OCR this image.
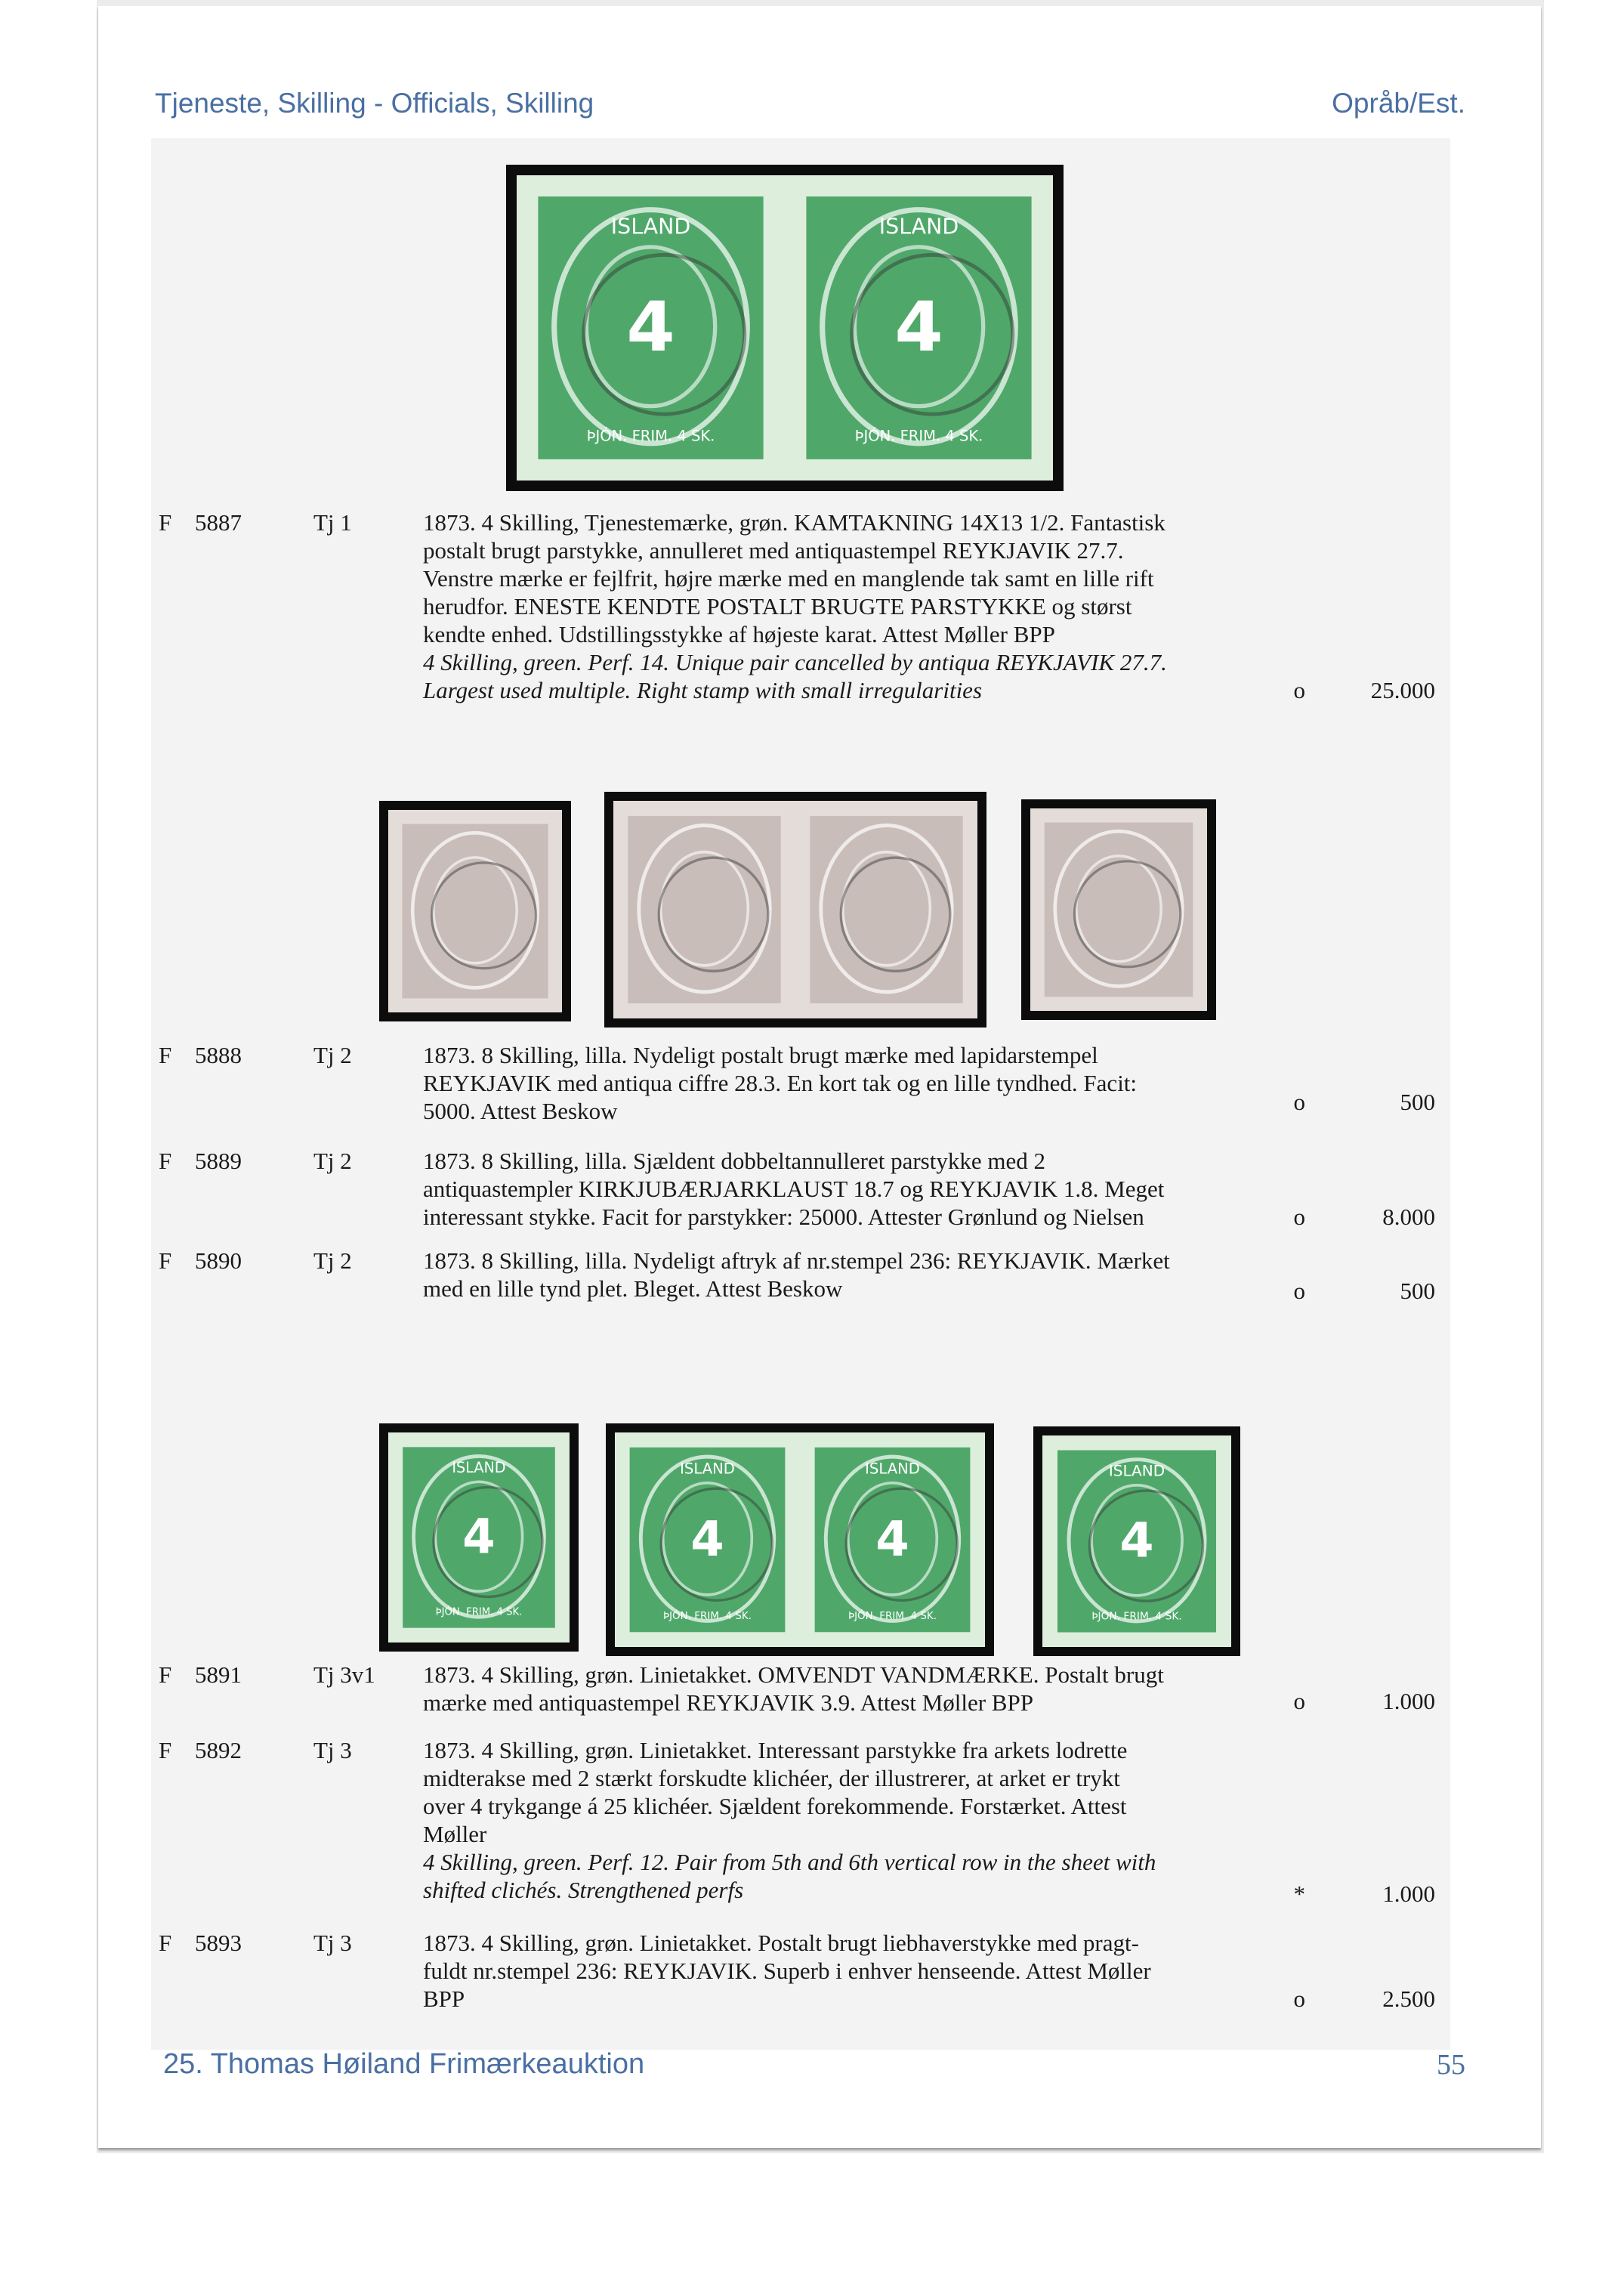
Tjeneste, Skilling - Officials, Skilling	Opråb/Est.
4
ISLAND
ÞJÓN. FRIM. 4 SK.
4
ISLAND
ÞJÓN. FRIM. 4 SK.
4
ISLAND
ÞJÓN. FRIM. 4 SK.
4
ISLAND
ÞJÓN. FRIM. 4 SK.
4
ISLAND
ÞJÓN. FRIM. 4 SK.
4
ISLAND
ÞJÓN. FRIM. 4 SK.
F 5887	Tj 1	1873. 4 Skilling, Tjenestemærke, grøn. KAMTAKNING 14X13 1/2. Fantastisk
postalt brugt parstykke, annulleret med antiquastempel REYKJAVIK 27.7.
Venstre mærke er fejlfrit, højre mærke med en manglende tak samt en lille rift
herudfor. ENESTE KENDTE POSTALT BRUGTE PARSTYKKE og størst
kendte enhed. Udstillingsstykke af højeste karat. Attest Møller BPP
4 Skilling, green. Perf. 14. Unique pair cancelled by antiqua REYKJAVIK 27.7.
Largest used multiple. Right stamp with small irregularities	o	25.000
F 5888	Tj 2	1873. 8 Skilling, lilla. Nydeligt postalt brugt mærke med lapidarstempel
REYKJAVIK med antiqua ciffre 28.3. En kort tak og en lille tyndhed. Facit:
5000. Attest Beskow	o	500
F 5889	Tj 2	1873. 8 Skilling, lilla. Sjældent dobbeltannulleret parstykke med 2
antiquastempler KIRKJUBÆRJARKLAUST 18.7 og REYKJAVIK 1.8. Meget
interessant stykke. Facit for parstykker: 25000. Attester Grønlund og Nielsen	o	8.000
F 5890	Tj 2	1873. 8 Skilling, lilla. Nydeligt aftryk af nr.stempel 236: REYKJAVIK. Mærket
med en lille tynd plet. Bleget. Attest Beskow	o	500
F 5891	Tj 3v1 1873. 4 Skilling, grøn. Linietakket. OMVENDT VANDMÆRKE. Postalt brugt
mærke med antiquastempel REYKJAVIK 3.9. Attest Møller BPP	o	1.000
F 5892	Tj 3	1873. 4 Skilling, grøn. Linietakket. Interessant parstykke fra arkets lodrette
midterakse med 2 stærkt forskudte klichéer, der illustrerer, at arket er trykt
over 4 trykgange á 25 klichéer. Sjældent forekommende. Forstærket. Attest
Møller
4 Skilling, green. Perf. 12. Pair from 5th and 6th vertical row in the sheet with
shifted clichés. Strengthened perfs	*	1.000
F 5893	Tj 3	1873. 4 Skilling, grøn. Linietakket. Postalt brugt liebhaverstykke med pragt-
fuldt nr.stempel 236: REYKJAVIK. Superb i enhver henseende. Attest Møller
BPP	o	2.500
25. Thomas Høiland Frimærkeauktion	55
